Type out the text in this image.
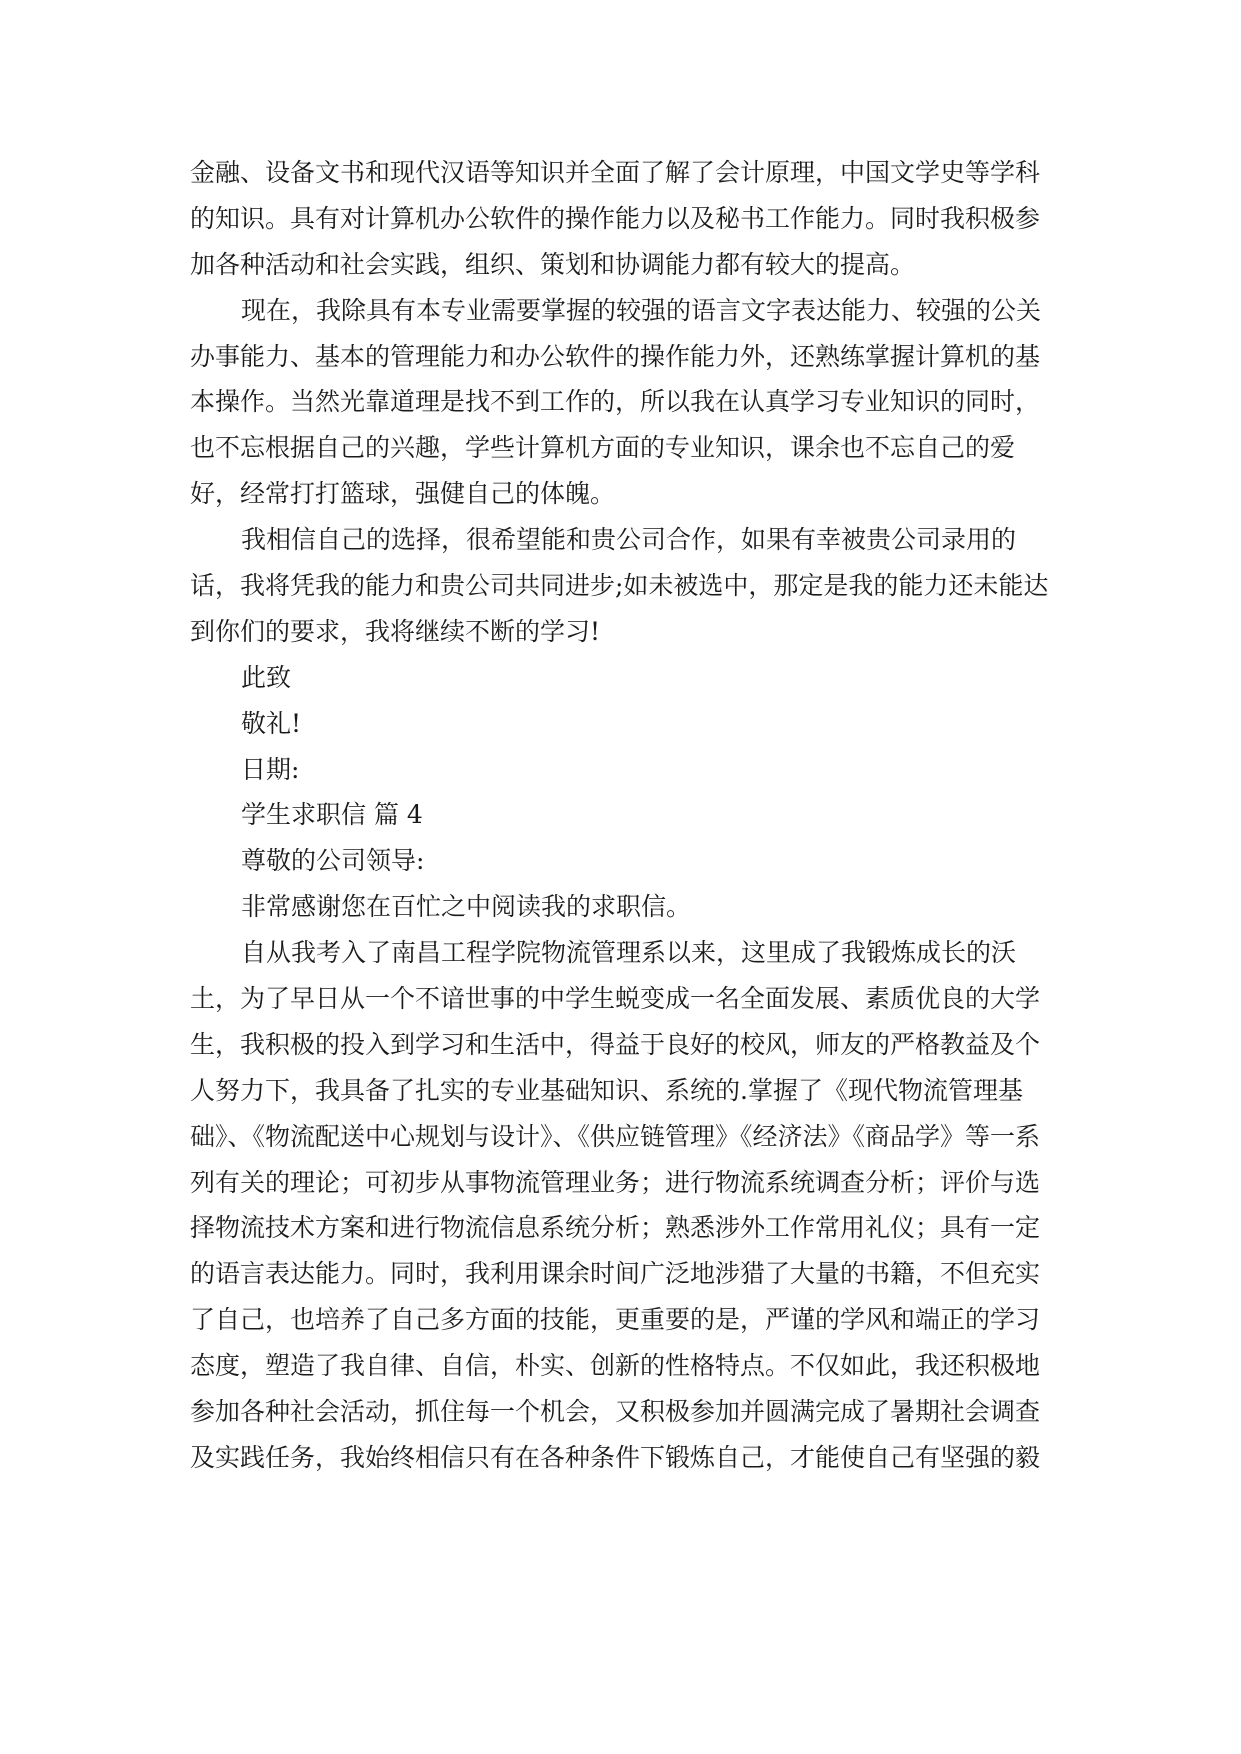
金融、设备文书和现代汉语等知识并全面了解了会计原理，中国文学史等学科
的知识。具有对计算机办公软件的操作能力以及秘书工作能力。同时我积极参
加各种活动和社会实践，组织、策划和协调能力都有较大的提高。
现在，我除具有本专业需要掌握的较强的语言文字表达能力、较强的公关
办事能力、基本的管理能力和办公软件的操作能力外，还熟练掌握计算机的基
本操作。当然光靠道理是找不到工作的，所以我在认真学习专业知识的同时，
也不忘根据自己的兴趣，学些计算机方面的专业知识，课余也不忘自己的爱
好，经常打打篮球，强健自己的体魄。
我相信自己的选择，很希望能和贵公司合作，如果有幸被贵公司录用的
话，我将凭我的能力和贵公司共同进步;如未被选中，那定是我的能力还未能达
到你们的要求，我将继续不断的学习!
此致
敬礼!
日期:
学生求职信 篇 4
尊敬的公司领导:
非常感谢您在百忙之中阅读我的求职信。
自从我考入了南昌工程学院物流管理系以来，这里成了我锻炼成长的沃
土，为了早日从一个不谙世事的中学生蜕变成一名全面发展、素质优良的大学
生，我积极的投入到学习和生活中，得益于良好的校风，师友的严格教益及个
人努力下，我具备了扎实的专业基础知识、系统的.掌握了《现代物流管理基
础》、《物流配送中心规划与设计》、《供应链管理》《经济法》《商品学》等一系
列有关的理论；可初步从事物流管理业务；进行物流系统调查分析；评价与选
择物流技术方案和进行物流信息系统分析；熟悉涉外工作常用礼仪；具有一定
的语言表达能力。同时，我利用课余时间广泛地涉猎了大量的书籍，不但充实
了自己，也培养了自己多方面的技能，更重要的是，严谨的学风和端正的学习
态度，塑造了我自律、自信，朴实、创新的性格特点。不仅如此，我还积极地
参加各种社会活动，抓住每一个机会，又积极参加并圆满完成了暑期社会调查
及实践任务，我始终相信只有在各种条件下锻炼自己，才能使自己有坚强的毅
